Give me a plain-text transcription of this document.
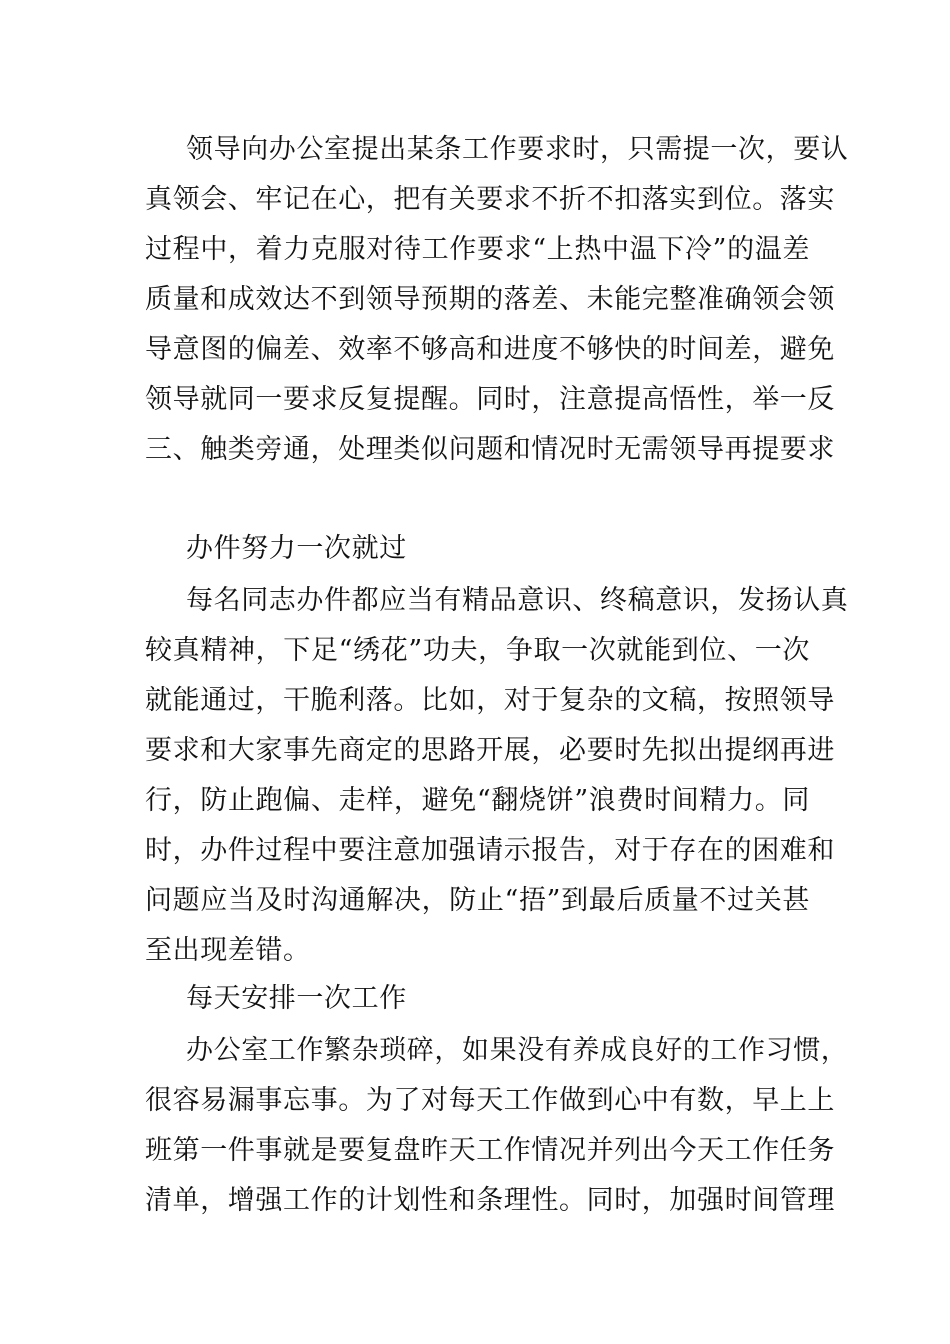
领导向办公室提出某条工作要求时，只需提一次，要认
真领会、牢记在心，把有关要求不折不扣落实到位。落实
过程中，着力克服对待工作要求“上热中温下冷”的温差
质量和成效达不到领导预期的落差、未能完整准确领会领
导意图的偏差、效率不够高和进度不够快的时间差，避免
领导就同一要求反复提醒。同时，注意提高悟性，举一反
三、触类旁通，处理类似问题和情况时无需领导再提要求
办件努力一次就过
每名同志办件都应当有精品意识、终稿意识，发扬认真
较真精神，下足“绣花”功夫，争取一次就能到位、一次
就能通过，干脆利落。比如，对于复杂的文稿，按照领导
要求和大家事先商定的思路开展，必要时先拟出提纲再进
行，防止跑偏、走样，避免“翻烧饼”浪费时间精力。同
时，办件过程中要注意加强请示报告，对于存在的困难和
问题应当及时沟通解决，防止“捂”到最后质量不过关甚
至出现差错。
每天安排一次工作
办公室工作繁杂琐碎，如果没有养成良好的工作习惯，
很容易漏事忘事。为了对每天工作做到心中有数，早上上
班第一件事就是要复盘昨天工作情况并列出今天工作任务
清单，增强工作的计划性和条理性。同时，加强时间管理
